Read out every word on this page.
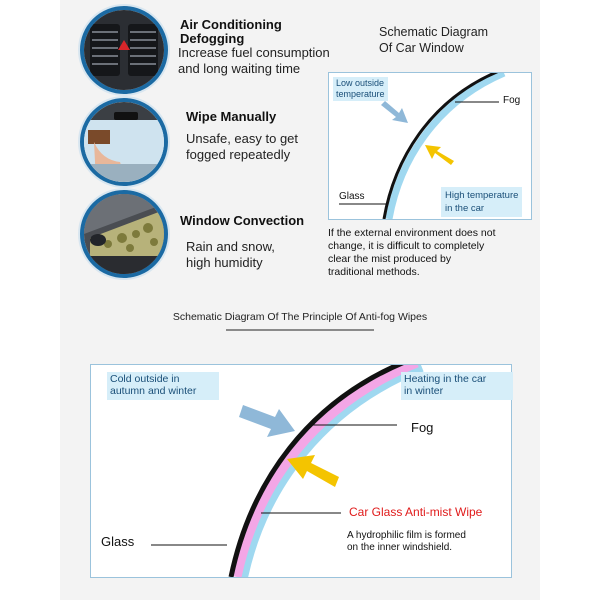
Air Conditioning
Defogging
Increase fuel consumption
and long waiting time
Wipe Manually
Unsafe, easy to get
fogged repeatedly
Window Convection
Rain and snow,
high humidity
Schematic Diagram
Of Car Window
Low outside
temperature
Fog
Glass	High temperature
in the car
If the external environment does not
change, it is difficult to completely
clear the mist produced by
traditional methods.
Schematic Diagram Of The Principle Of Anti-fog Wipes
Cold outside in
autumn and winter
Heating in the car
in winter
Fog
Car Glass Anti-mist Wipe
A hydrophilic film is formed
on the inner windshield.
Glass
